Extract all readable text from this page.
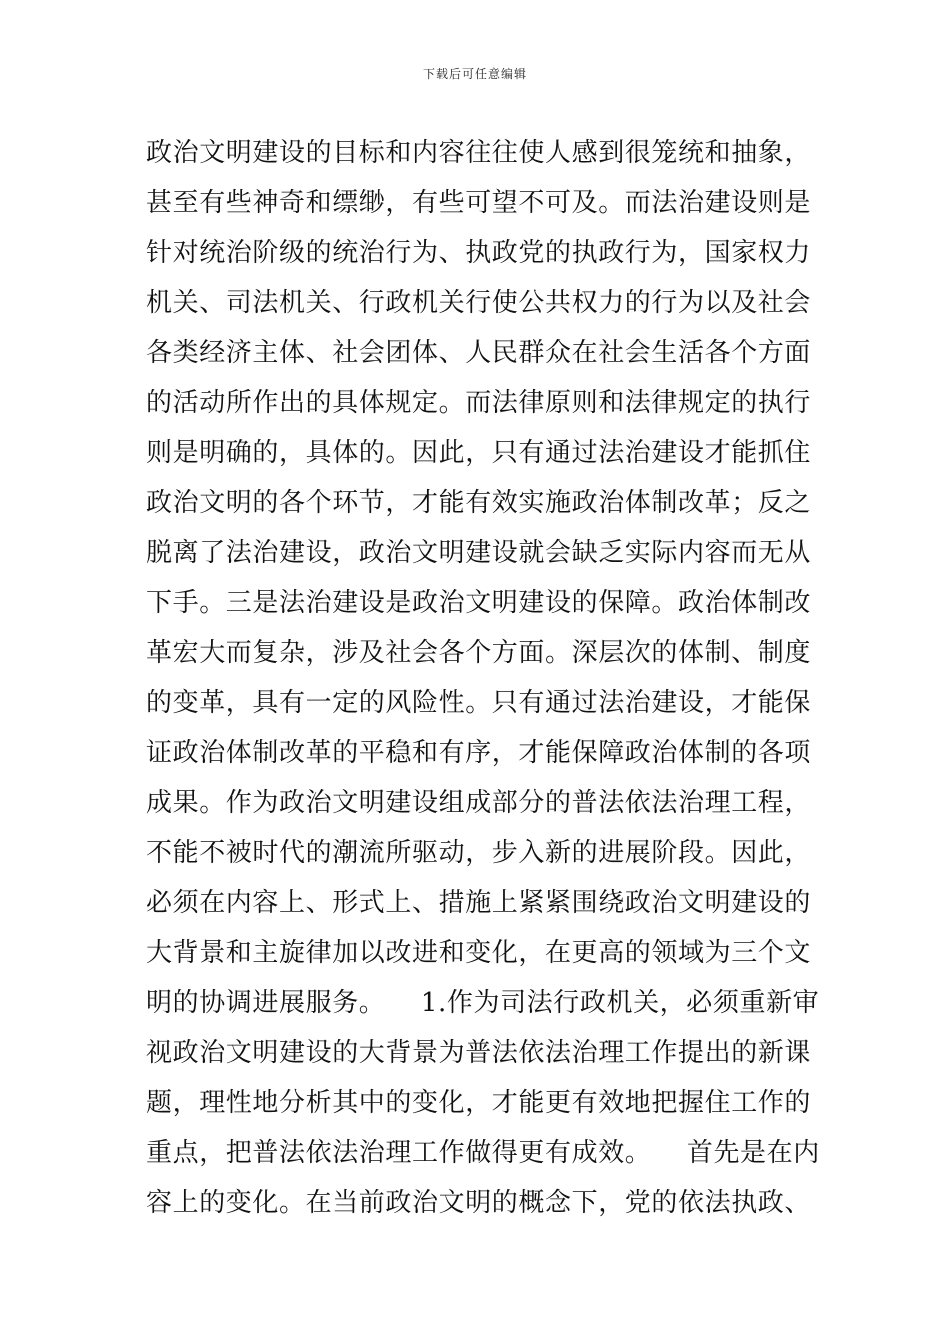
下载后可任意编辑
政治文明建设的目标和内容往往使人感到很笼统和抽象，
甚至有些神奇和缥缈，有些可望不可及。而法治建设则是
针对统治阶级的统治行为、执政党的执政行为，国家权力
机关、司法机关、行政机关行使公共权力的行为以及社会
各类经济主体、社会团体、人民群众在社会生活各个方面
的活动所作出的具体规定。而法律原则和法律规定的执行
则是明确的，具体的。因此，只有通过法治建设才能抓住
政治文明的各个环节，才能有效实施政治体制改革；反之
脱离了法治建设，政治文明建设就会缺乏实际内容而无从
下手。三是法治建设是政治文明建设的保障。政治体制改
革宏大而复杂，涉及社会各个方面。深层次的体制、制度
的变革，具有一定的风险性。只有通过法治建设，才能保
证政治体制改革的平稳和有序，才能保障政治体制的各项
成果。作为政治文明建设组成部分的普法依法治理工程，
不能不被时代的潮流所驱动，步入新的进展阶段。因此，
必须在内容上、形式上、措施上紧紧围绕政治文明建设的
大背景和主旋律加以改进和变化，在更高的领域为三个文
明的协调进展服务。    1.作为司法行政机关，必须重新审
视政治文明建设的大背景为普法依法治理工作提出的新课
题，理性地分析其中的变化，才能更有效地把握住工作的
重点，把普法依法治理工作做得更有成效。    首先是在内
容上的变化。在当前政治文明的概念下，党的依法执政、
